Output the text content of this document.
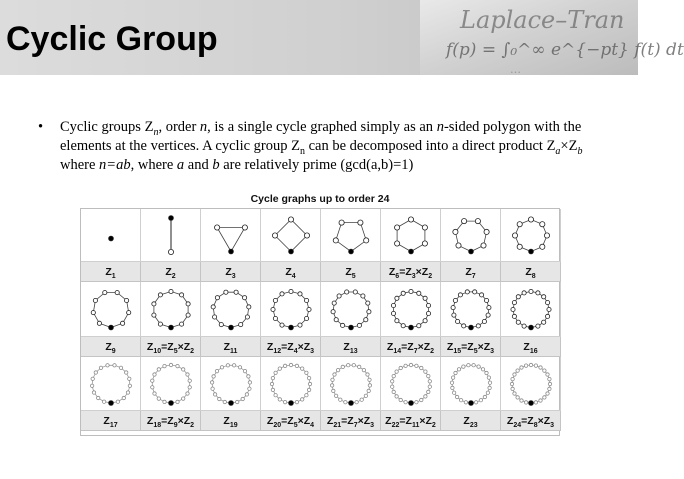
Laplace–Tran
f(p) = ∫₀^∞ e^{−pt} f(t) dt
…
Cyclic Group
• Cyclic groups $Z_n$, order n, is a single cycle graphed simply as an n-sided polygon with the elements at the vertices. A cyclic group $Z_n$ can be decomposed into a direct product $Z_a\times Z_b$ where n=ab, where a and b are relatively prime (gcd(a,b)=1)
Cycle graphs up to order 24
$Z_1$	$Z_2$	$Z_3$	$Z_4$	$Z_5$	$Z_6=Z_3\times Z_2$	$Z_7$	$Z_8$
$Z_9$	$Z_{10}=Z_5\times Z_2$	$Z_{11}$	$Z_{12}=Z_4\times Z_3$	$Z_{13}$	$Z_{14}=Z_7\times Z_2$	$Z_{15}=Z_5\times Z_3$	$Z_{16}$
$Z_{17}$	$Z_{18}=Z_9\times Z_2$	$Z_{19}$	$Z_{20}=Z_5\times Z_4$	$Z_{21}=Z_7\times Z_3$	$Z_{22}=Z_{11}\times Z_2$	$Z_{23}$	$Z_{24}=Z_8\times Z_3$
